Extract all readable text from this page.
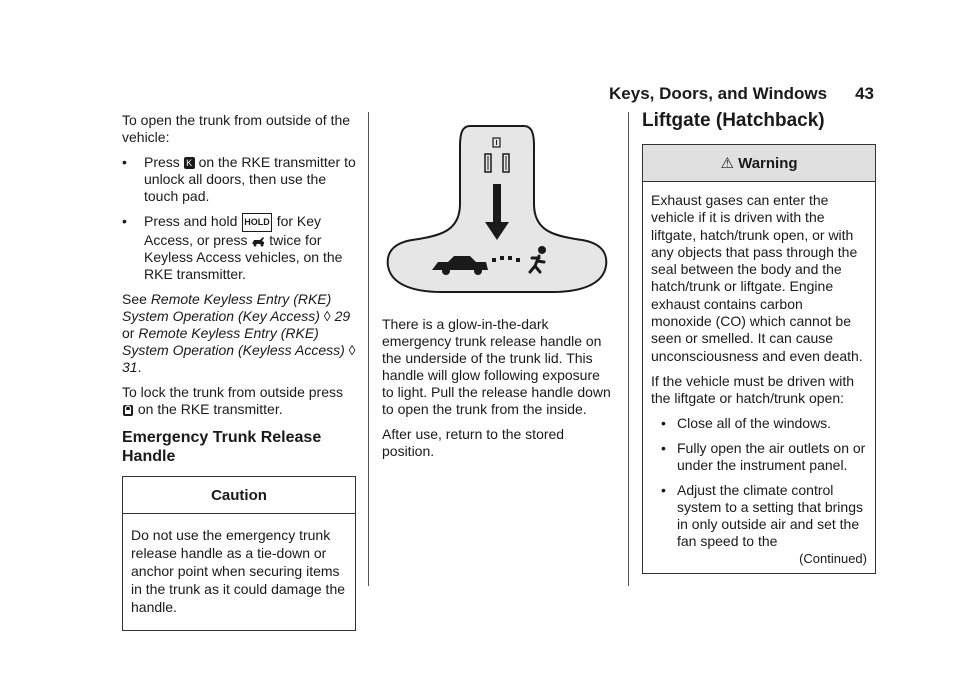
Keys, Doors, and Windows 43

To open the trunk from outside of the vehicle:

• Press K on the RKE transmitter to unlock all doors, then use the touch pad.
• Press and hold HOLD for Key Access, or press twice for Keyless Access vehicles, on the RKE transmitter.

See Remote Keyless Entry (RKE) System Operation (Key Access) ◊ 29 or Remote Keyless Entry (RKE) System Operation (Keyless Access) ◊ 31.

To lock the trunk from outside press  on the RKE transmitter.

Emergency Trunk Release Handle
Caution

Do not use the emergency trunk release handle as a tie-down or anchor point when securing items in the trunk as it could damage the handle.

There is a glow-in-the-dark emergency trunk release handle on the underside of the trunk lid. This handle will glow following exposure to light. Pull the release handle down to open the trunk from the inside.

After use, return to the stored position.

Liftgate (Hatchback)
⚠ Warning

Exhaust gases can enter the vehicle if it is driven with the liftgate, hatch/trunk open, or with any objects that pass through the seal between the body and the hatch/trunk or liftgate. Engine exhaust contains carbon monoxide (CO) which cannot be seen or smelled. It can cause unconsciousness and even death.

If the vehicle must be driven with the liftgate or hatch/trunk open:

• Close all of the windows.
• Fully open the air outlets on or under the instrument panel.
• Adjust the climate control system to a setting that brings in only outside air and set the fan speed to the
(Continued)
